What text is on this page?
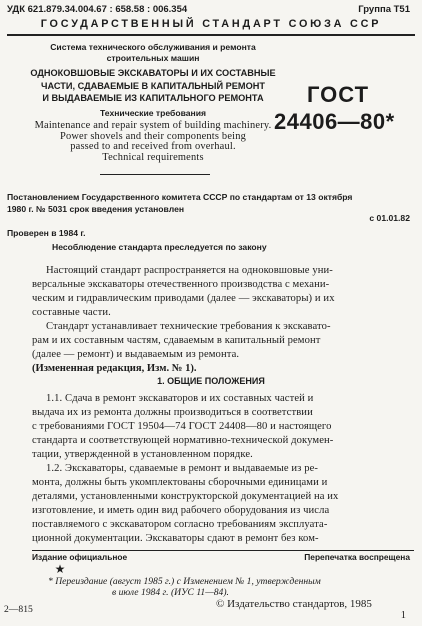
УДК 621.879.34.004.67 : 658.58 : 006.354	Группа Т51
ГОСУДАРСТВЕННЫЙ СТАНДАРТ СОЮЗА ССР
Система технического обслуживания и ремонта
строительных машин
ОДНОКОВШОВЫЕ ЭКСКАВАТОРЫ И ИХ СОСТАВНЫЕ
ЧАСТИ, СДАВАЕМЫЕ В КАПИТАЛЬНЫЙ РЕМОНТ
И ВЫДАВАЕМЫЕ ИЗ КАПИТАЛЬНОГО РЕМОНТА
Технические требования
Maintenance and repair system of building machinery.
Power shovels and their components being
passed to and received from overhaul.
Technical requirements
ГОСТ
24406—80*
Постановлением Государственного комитета СССР по стандартам от 13 октября
1980 г. № 5031 срок введения установлен
с 01.01.82
Проверен в 1984 г.
Несоблюдение стандарта преследуется по закону
Настоящий стандарт распространяется на одноковшовые уни-
версальные экскаваторы отечественного производства с механи-
ческим и гидравлическим приводами (далее — экскаваторы) и их
составные части.
Стандарт устанавливает технические требования к экскавато-
рам и их составным частям, сдаваемым в капитальный ремонт
(далее — ремонт) и выдаваемым из ремонта.
(Измененная редакция, Изм. № 1).
1. ОБЩИЕ ПОЛОЖЕНИЯ
1.1. Сдача в ремонт экскаваторов и их составных частей и
выдача их из ремонта должны производиться в соответствии
с требованиями ГОСТ 19504—74 ГОСТ 24408—80 и настоящего
стандарта и соответствующей нормативно-технической докумен-
тации, утвержденной в установленном порядке.
1.2. Экскаваторы, сдаваемые в ремонт и выдаваемые из ре-
монта, должны быть укомплектованы сборочными единицами и
деталями, установленными конструкторской документацией на их
изготовление, и иметь один вид рабочего оборудования из числа
поставляемого с экскаватором согласно требованиям эксплуата-
ционной документации. Экскаваторы сдают в ремонт без ком-
Издание официальное	Перепечатка воспрещена
★
* Переиздание (август 1985 г.) с Изменением № 1, утвержденным
в июле 1984 г. (ИУС 11—84).
© Издательство стандартов, 1985
2—815
1
